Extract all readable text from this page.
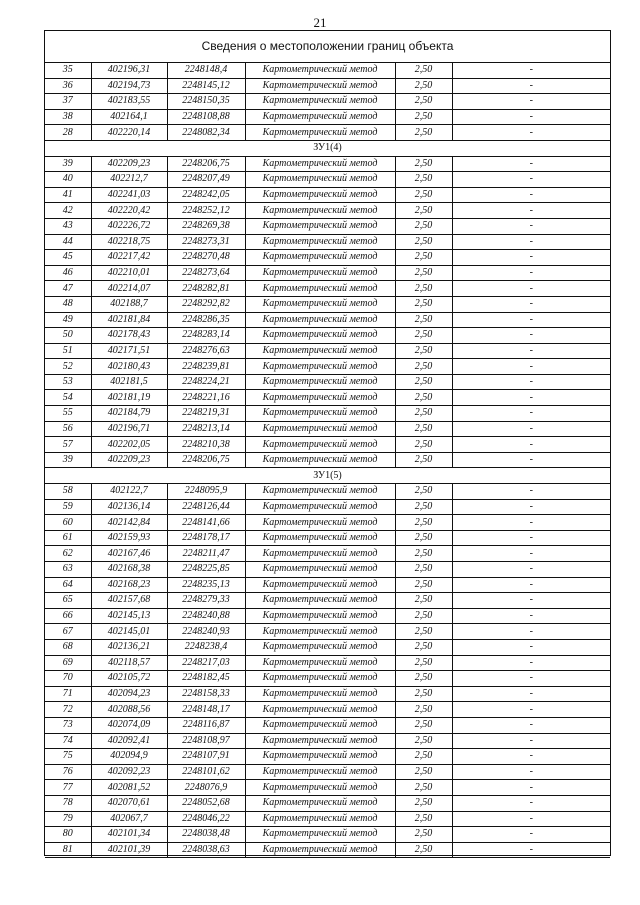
21
Сведения о местоположении границ объекта
35	402196,31	2248148,4	Картометрический метод	2,50	-
36	402194,73	2248145,12	Картометрический метод	2,50	-
37	402183,55	2248150,35	Картометрический метод	2,50	-
38	402164,1	2248108,88	Картометрический метод	2,50	-
28	402220,14	2248082,34	Картометрический метод	2,50	-
ЗУ1(4)					
39	402209,23	2248206,75	Картометрический метод	2,50	-
40	402212,7	2248207,49	Картометрический метод	2,50	-
41	402241,03	2248242,05	Картометрический метод	2,50	-
42	402220,42	2248252,12	Картометрический метод	2,50	-
43	402226,72	2248269,38	Картометрический метод	2,50	-
44	402218,75	2248273,31	Картометрический метод	2,50	-
45	402217,42	2248270,48	Картометрический метод	2,50	-
46	402210,01	2248273,64	Картометрический метод	2,50	-
47	402214,07	2248282,81	Картометрический метод	2,50	-
48	402188,7	2248292,82	Картометрический метод	2,50	-
49	402181,84	2248286,35	Картометрический метод	2,50	-
50	402178,43	2248283,14	Картометрический метод	2,50	-
51	402171,51	2248276,63	Картометрический метод	2,50	-
52	402180,43	2248239,81	Картометрический метод	2,50	-
53	402181,5	2248224,21	Картометрический метод	2,50	-
54	402181,19	2248221,16	Картометрический метод	2,50	-
55	402184,79	2248219,31	Картометрический метод	2,50	-
56	402196,71	2248213,14	Картометрический метод	2,50	-
57	402202,05	2248210,38	Картометрический метод	2,50	-
39	402209,23	2248206,75	Картометрический метод	2,50	-
ЗУ1(5)					
58	402122,7	2248095,9	Картометрический метод	2,50	-
59	402136,14	2248126,44	Картометрический метод	2,50	-
60	402142,84	2248141,66	Картометрический метод	2,50	-
61	402159,93	2248178,17	Картометрический метод	2,50	-
62	402167,46	2248211,47	Картометрический метод	2,50	-
63	402168,38	2248225,85	Картометрический метод	2,50	-
64	402168,23	2248235,13	Картометрический метод	2,50	-
65	402157,68	2248279,33	Картометрический метод	2,50	-
66	402145,13	2248240,88	Картометрический метод	2,50	-
67	402145,01	2248240,93	Картометрический метод	2,50	-
68	402136,21	2248238,4	Картометрический метод	2,50	-
69	402118,57	2248217,03	Картометрический метод	2,50	-
70	402105,72	2248182,45	Картометрический метод	2,50	-
71	402094,23	2248158,33	Картометрический метод	2,50	-
72	402088,56	2248148,17	Картометрический метод	2,50	-
73	402074,09	2248116,87	Картометрический метод	2,50	-
74	402092,41	2248108,97	Картометрический метод	2,50	-
75	402094,9	2248107,91	Картометрический метод	2,50	-
76	402092,23	2248101,62	Картометрический метод	2,50	-
77	402081,52	2248076,9	Картометрический метод	2,50	-
78	402070,61	2248052,68	Картометрический метод	2,50	-
79	402067,7	2248046,22	Картометрический метод	2,50	-
80	402101,34	2248038,48	Картометрический метод	2,50	-
81	402101,39	2248038,63	Картометрический метод	2,50	-
